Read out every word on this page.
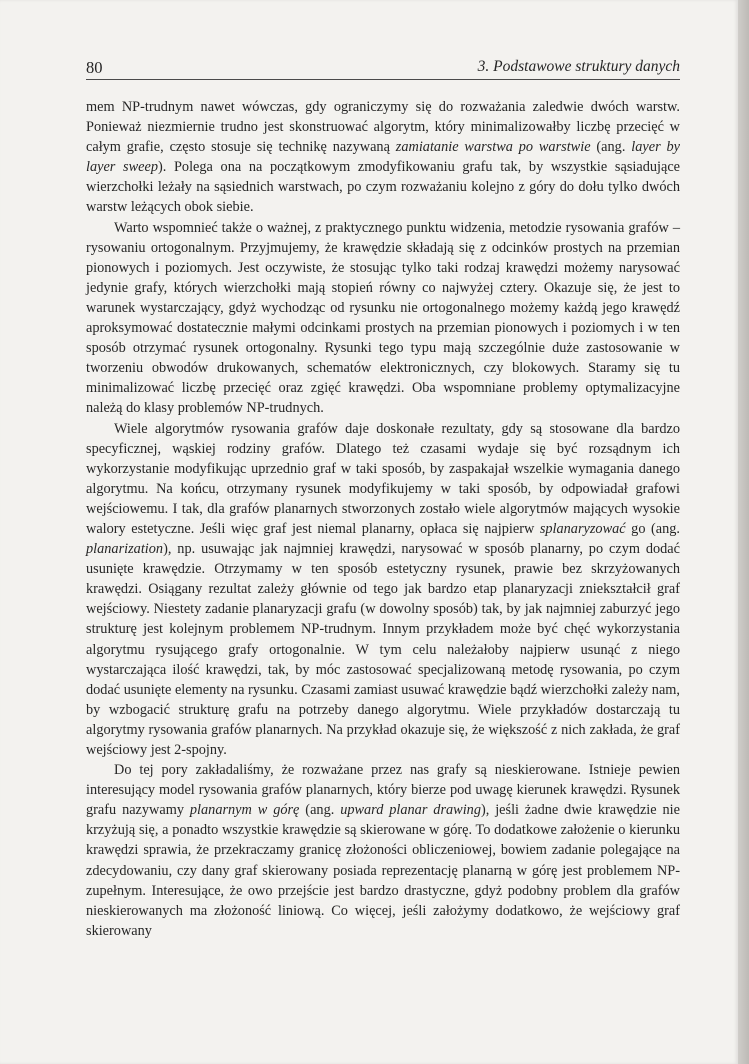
80	3. Podstawowe struktury danych

mem NP-trudnym nawet wówczas, gdy ograniczymy się do rozważania zaledwie dwóch warstw. Ponieważ niezmiernie trudno jest skonstruować algorytm, który minimalizowałby liczbę przecięć w całym grafie, często stosuje się technikę nazywaną zamiatanie warstwa po warstwie (ang. layer by layer sweep). Polega ona na początkowym zmodyfikowaniu grafu tak, by wszystkie sąsiadujące wierzchołki leżały na sąsiednich warstwach, po czym rozważaniu kolejno z góry do dołu tylko dwóch warstw leżących obok siebie.

Warto wspomnieć także o ważnej, z praktycznego punktu widzenia, metodzie rysowania grafów – rysowaniu ortogonalnym. Przyjmujemy, że krawędzie składają się z odcinków prostych na przemian pionowych i poziomych. Jest oczywiste, że stosując tylko taki rodzaj krawędzi możemy narysować jedynie grafy, których wierzchołki mają stopień równy co najwyżej cztery. Okazuje się, że jest to warunek wystarczający, gdyż wychodząc od rysunku nie ortogonalnego możemy każdą jego krawędź aproksymować dostatecznie małymi odcinkami prostych na przemian pionowych i poziomych i w ten sposób otrzymać rysunek ortogonalny. Rysunki tego typu mają szczególnie duże zastosowanie w tworzeniu obwodów drukowanych, schematów elektronicznych, czy blokowych. Staramy się tu minimalizować liczbę przecięć oraz zgięć krawędzi. Oba wspomniane problemy optymalizacyjne należą do klasy problemów NP-trudnych.

Wiele algorytmów rysowania grafów daje doskonałe rezultaty, gdy są stosowane dla bardzo specyficznej, wąskiej rodziny grafów. Dlatego też czasami wydaje się być rozsądnym ich wykorzystanie modyfikując uprzednio graf w taki sposób, by zaspakajał wszelkie wymagania danego algorytmu. Na końcu, otrzymany rysunek modyfikujemy w taki sposób, by odpowiadał grafowi wejściowemu. I tak, dla grafów planarnych stworzonych zostało wiele algorytmów mających wysokie walory estetyczne. Jeśli więc graf jest niemal planarny, opłaca się najpierw splanaryzować go (ang. planarization), np. usuwając jak najmniej krawędzi, narysować w sposób planarny, po czym dodać usunięte krawędzie. Otrzymamy w ten sposób estetyczny rysunek, prawie bez skrzyżowanych krawędzi. Osiągany rezultat zależy głównie od tego jak bardzo etap planaryzacji zniekształcił graf wejściowy. Niestety zadanie planaryzacji grafu (w dowolny sposób) tak, by jak najmniej zaburzyć jego strukturę jest kolejnym problemem NP-trudnym. Innym przykładem może być chęć wykorzystania algorytmu rysującego grafy ortogonalnie. W tym celu należałoby najpierw usunąć z niego wystarczająca ilość krawędzi, tak, by móc zastosować specjalizowaną metodę rysowania, po czym dodać usunięte elementy na rysunku. Czasami zamiast usuwać krawędzie bądź wierzchołki zależy nam, by wzbogacić strukturę grafu na potrzeby danego algorytmu. Wiele przykładów dostarczają tu algorytmy rysowania grafów planarnych. Na przykład okazuje się, że większość z nich zakłada, że graf wejściowy jest 2-spojny.

Do tej pory zakładaliśmy, że rozważane przez nas grafy są nieskierowane. Istnieje pewien interesujący model rysowania grafów planarnych, który bierze pod uwagę kierunek krawędzi. Rysunek grafu nazywamy planarnym w górę (ang. upward planar drawing), jeśli żadne dwie krawędzie nie krzyżują się, a ponadto wszystkie krawędzie są skierowane w górę. To dodatkowe założenie o kierunku krawędzi sprawia, że przekraczamy granicę złożoności obliczeniowej, bowiem zadanie polegające na zdecydowaniu, czy dany graf skierowany posiada reprezentację planarną w górę jest problemem NP-zupełnym. Interesujące, że owo przejście jest bardzo drastyczne, gdyż podobny problem dla grafów nieskierowanych ma złożoność liniową. Co więcej, jeśli założymy dodatkowo, że wejściowy graf skierowany
